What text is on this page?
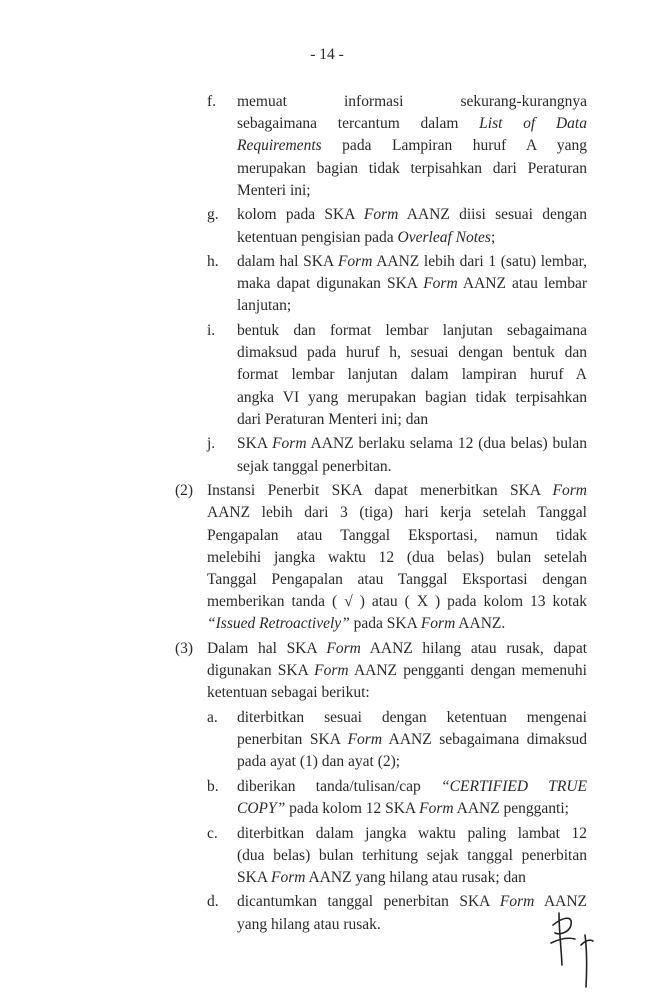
- 14 -
f. memuat informasi sekurang-kurangnya
sebagaimana tercantum dalam List of Data
Requirements pada Lampiran huruf A yang
merupakan bagian tidak terpisahkan dari Peraturan
Menteri ini;
g. kolom pada SKA Form AANZ diisi sesuai dengan
ketentuan pengisian pada Overleaf Notes;
h. dalam hal SKA Form AANZ lebih dari 1 (satu) lembar,
maka dapat digunakan SKA Form AANZ atau lembar
lanjutan;
i. bentuk dan format lembar lanjutan sebagaimana
dimaksud pada huruf h, sesuai dengan bentuk dan
format lembar lanjutan dalam lampiran huruf A
angka VI yang merupakan bagian tidak terpisahkan
dari Peraturan Menteri ini; dan
j. SKA Form AANZ berlaku selama 12 (dua belas) bulan
sejak tanggal penerbitan.
(2) Instansi Penerbit SKA dapat menerbitkan SKA Form
AANZ lebih dari 3 (tiga) hari kerja setelah Tanggal
Pengapalan atau Tanggal Eksportasi, namun tidak
melebihi jangka waktu 12 (dua belas) bulan setelah
Tanggal Pengapalan atau Tanggal Eksportasi dengan
memberikan tanda ( √ ) atau ( X ) pada kolom 13 kotak
“Issued Retroactively” pada SKA Form AANZ.
(3) Dalam hal SKA Form AANZ hilang atau rusak, dapat
digunakan SKA Form AANZ pengganti dengan memenuhi
ketentuan sebagai berikut:
a. diterbitkan sesuai dengan ketentuan mengenai
penerbitan SKA Form AANZ sebagaimana dimaksud
pada ayat (1) dan ayat (2);
b. diberikan tanda/tulisan/cap “CERTIFIED TRUE
COPY” pada kolom 12 SKA Form AANZ pengganti;
c. diterbitkan dalam jangka waktu paling lambat 12
(dua belas) bulan terhitung sejak tanggal penerbitan
SKA Form AANZ yang hilang atau rusak; dan
d. dicantumkan tanggal penerbitan SKA Form AANZ
yang hilang atau rusak.
